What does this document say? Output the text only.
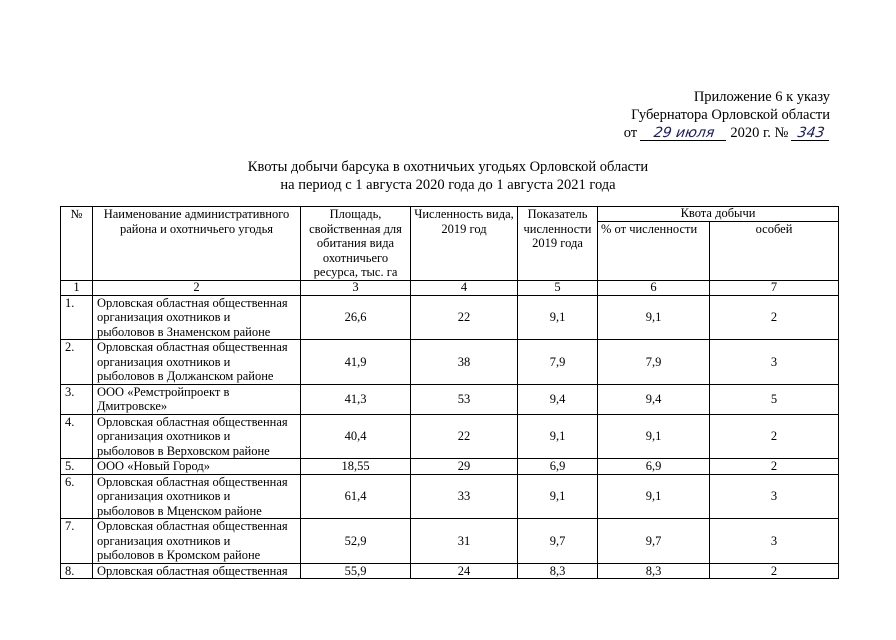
Приложение 6 к указу
Губернатора Орловской области
от 29 июля 2020 г. № 343
Квоты добычи барсука в охотничьих угодьях Орловской области
на период с 1 августа 2020 года до 1 августа 2021 года
№	Наименование административного района и охотничьего угодья	Площадь, свойственная для обитания вида охотничьего ресурса, тыс. га	Численность вида, 2019 год	Показатель численности 2019 года	Квота добычи	
					% от численности	особей
1	2	3	4	5	6	7
1.	Орловская областная общественная
организация охотников и
рыболовов в Знаменском районе	26,6	22	9,1	9,1	2
2.	Орловская областная общественная
организация охотников и
рыболовов в Должанском районе	41,9	38	7,9	7,9	3
3.	ООО «Ремстройпроект в
Дмитровске»	41,3	53	9,4	9,4	5
4.	Орловская областная общественная
организация охотников и
рыболовов в Верховском районе	40,4	22	9,1	9,1	2
5.	ООО «Новый Город»	18,55	29	6,9	6,9	2
6.	Орловская областная общественная
организация охотников и
рыболовов в Мценском районе	61,4	33	9,1	9,1	3
7.	Орловская областная общественная
организация охотников и
рыболовов в Кромском районе	52,9	31	9,7	9,7	3
8.	Орловская областная общественная	55,9	24	8,3	8,3	2
